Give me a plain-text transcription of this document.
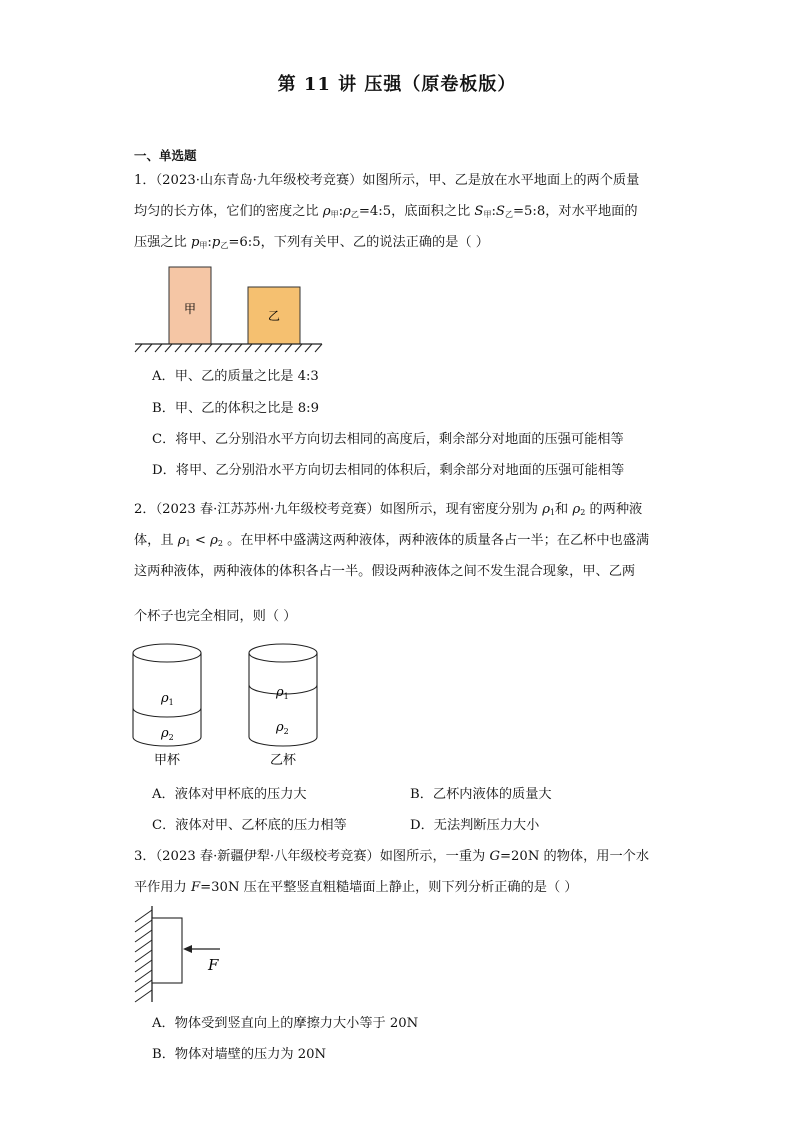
第 11 讲 压强（原卷板版）
一、单选题
1．（2023·山东青岛·九年级校考竞赛）如图所示，甲、乙是放在水平地面上的两个质量
均匀的长方体，它们的密度之比 $\rho_甲:\rho_乙=4:5$，底面积之比 $S_甲:S_乙=5:8$，对水平地面的
压强之比 $p_甲:p_乙=6:5$，下列有关甲、乙的说法正确的是（ ）
甲	乙
A．甲、乙的质量之比是 4:3
B．甲、乙的体积之比是 8:9
C．将甲、乙分别沿水平方向切去相同的高度后，剩余部分对地面的压强可能相等
D．将甲、乙分别沿水平方向切去相同的体积后，剩余部分对地面的压强可能相等
2．（2023 春·江苏苏州·九年级校考竞赛）如图所示，现有密度分别为 $\rho_1$和 $\rho_2$ 的两种液
体，且 $\rho_1 < \rho_2$ 。在甲杯中盛满这两种液体，两种液体的质量各占一半；在乙杯中也盛满
这两种液体，两种液体的体积各占一半。假设两种液体之间不发生混合现象，甲、乙两
个杯子也完全相同，则（ ）
$\rho_1$
$\rho_2$
甲杯
$\rho_1$
$\rho_2$
乙杯
A．液体对甲杯底的压力大	B．乙杯内液体的质量大
C．液体对甲、乙杯底的压力相等	D．无法判断压力大小
3．（2023 春·新疆伊犁·八年级校考竞赛）如图所示，一重为 G=20N 的物体，用一个水
平作用力 F=30N 压在平整竖直粗糙墙面上静止，则下列分析正确的是（ ）
F
A．物体受到竖直向上的摩擦力大小等于 20N
B．物体对墙壁的压力为 20N
